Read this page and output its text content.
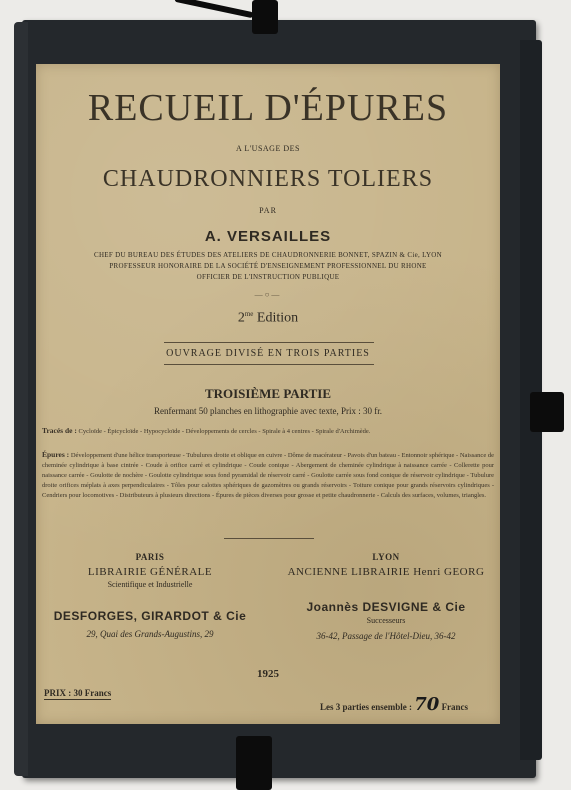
RECUEIL D'ÉPURES
A L'USAGE DES
CHAUDRONNIERS TOLIERS
PAR
A. VERSAILLES
CHEF DU BUREAU DES ÉTUDES DES ATELIERS DE CHAUDRONNERIE BONNET, SPAZIN & Cie, LYON
PROFESSEUR HONORAIRE DE LA SOCIÉTÉ D'ENSEIGNEMENT PROFESSIONNEL DU RHONE
OFFICIER DE L'INSTRUCTION PUBLIQUE
—○—
$2^{me}$ Edition
OUVRAGE DIVISÉ EN TROIS PARTIES
TROISIÈME PARTIE
Renfermant 50 planches en lithographie avec texte, Prix : 30 fr.
Tracés de : Cycloïde - Épicycloïde - Hypocycloïde - Développements de cercles - Spirale à 4 centres - Spirale d'Archimède.
Épures : Développement d'une hélice transporteuse - Tubulures droite et oblique en cuivre - Dôme de macérateur - Pavois d'un bateau - Entonnoir sphérique - Naissance de cheminée cylindrique à base cintrée - Coude à orifice carré et cylindrique - Coude conique - Abergement de cheminée cylindrique à naissance carrée - Collerette pour naissance carrée - Goulotte de nochère - Goulotte cylindrique sous fond pyramidal de réservoir carré - Goulotte carrée sous fond conique de réservoir cylindrique - Tubulure droite orifices méplats à axes perpendiculaires - Tôles pour calottes sphériques de gazomètres ou grands réservoirs - Toiture conique pour grands réservoirs cylindriques - Cendriers pour locomotives - Distributeurs à plusieurs directions - Épures de pièces diverses pour grosse et petite chaudronnerie - Calculs des surfaces, volumes, triangles.
PARIS
LIBRAIRIE GÉNÉRALE
Scientifique et Industrielle
DESFORGES, GIRARDOT & Cie
29, Quai des Grands-Augustins, 29
LYON
ANCIENNE LIBRAIRIE Henri GEORG
Joannès DESVIGNE & Cie
Successeurs
36-42, Passage de l'Hôtel-Dieu, 36-42
1925
PRIX : 30 Francs
Les 3 parties ensemble : 70 Francs
